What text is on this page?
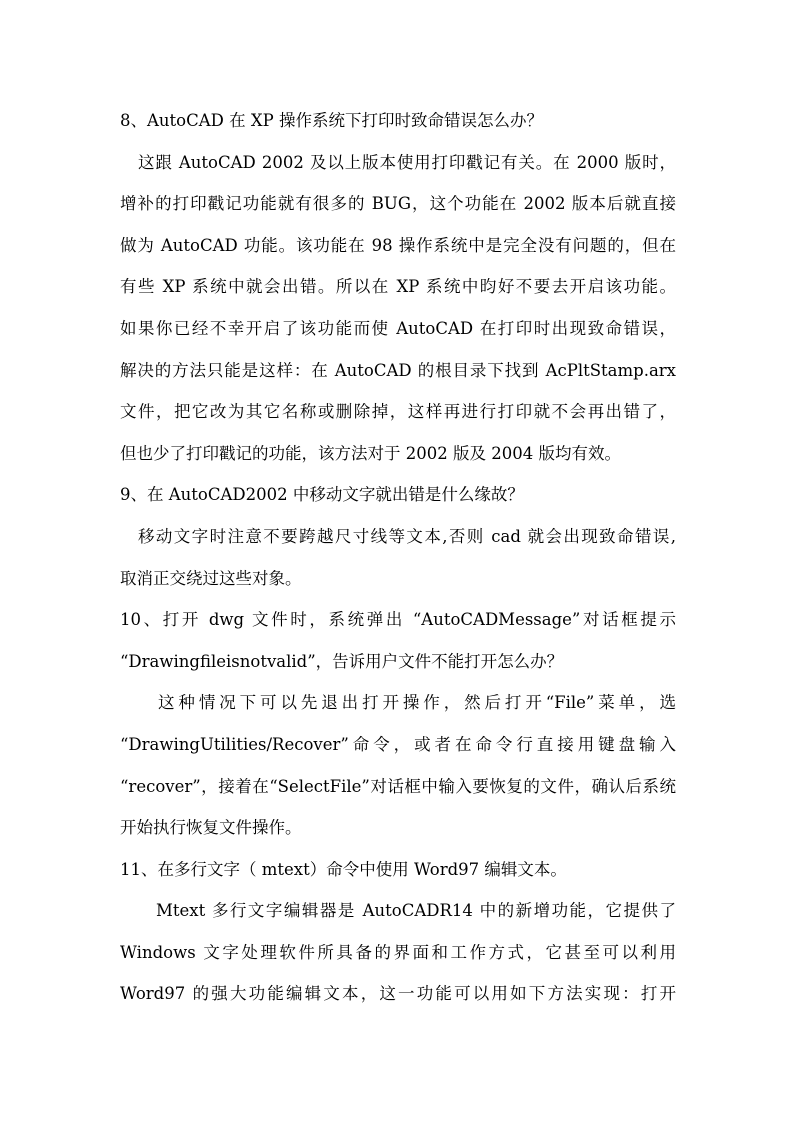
8、AutoCAD 在 XP 操作系统下打印时致命错误怎么办？
这跟 AutoCAD 2002 及以上版本使用打印戳记有关。在 2000 版时，
增补的打印戳记功能就有很多的 BUG，这个功能在 2002 版本后就直接
做为 AutoCAD 功能。该功能在 98 操作系统中是完全没有问题的，但在
有些 XP 系统中就会出错。所以在 XP 系统中昀好不要去开启该功能。
如果你已经不幸开启了该功能而使 AutoCAD 在打印时出现致命错误，
解决的方法只能是这样：在 AutoCAD 的根目录下找到 AcPltStamp.arx
文件，把它改为其它名称或删除掉，这样再进行打印就不会再出错了，
但也少了打印戳记的功能，该方法对于 2002 版及 2004 版均有效。
9、在 AutoCAD2002 中移动文字就出错是什么缘故？
移动文字时注意不要跨越尺寸线等文本,否则 cad 就会出现致命错误,
取消正交绕过这些对象。
10、打开 dwg 文件时，系统弹出 “AutoCADMessage”对话框提示
“Drawingfileisnotvalid”，告诉用户文件不能打开怎么办？
这种情况下可以先退出打开操作，然后打开“File”菜单，选
“DrawingUtilities/Recover”命令，或者在命令行直接用键盘输入
“recover”，接着在“SelectFile”对话框中输入要恢复的文件，确认后系统
开始执行恢复文件操作。
11、在多行文字（ mtext）命令中使用 Word97 编辑文本。
Mtext 多行文字编辑器是 AutoCADR14 中的新增功能，它提供了
Windows 文字处理软件所具备的界面和工作方式，它甚至可以利用
Word97 的强大功能编辑文本，这一功能可以用如下方法实现：打开
